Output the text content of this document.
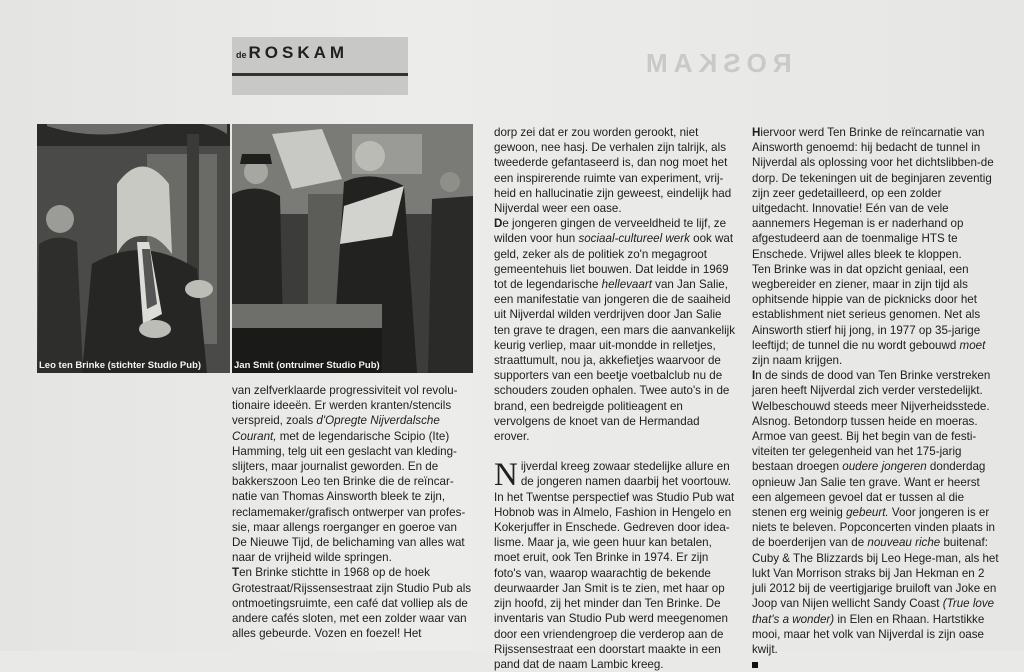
ROSKAM
de ROSKAM
Leo ten Brinke (stichter Studio Pub)	Jan Smit (ontruimer Studio Pub)

van zelfverklaarde progressiviteit vol revolu-tionaire ideeën. Er werden kranten/stencils verspreid, zoals d'Opregte Nijverdalsche Courant, met de legendarische Scipio (Ite) Hamming, telg uit een geslacht van kleding-slijters, maar journalist geworden. En de bakkerszoon Leo ten Brinke die de reïncar-natie van Thomas Ainsworth bleek te zijn, reclamemaker/grafisch ontwerper van profes-sie, maar allengs roerganger en goeroe van De Nieuwe Tijd, de belichaming van alles wat naar de vrijheid wilde springen.

Ten Brinke stichtte in 1968 op de hoek Grotestraat/Rijssensestraat zijn Studio Pub als ontmoetingsruimte, een café dat volliep als de andere cafés sloten, met een zolder waar van alles gebeurde. Vozen en foezel! Het

dorp zei dat er zou worden gerookt, niet gewoon, nee hasj. De verhalen zijn talrijk, als tweederde gefantaseerd is, dan nog moet het een inspirerende ruimte van experiment, vrij-heid en hallucinatie zijn geweest, eindelijk had Nijverdal weer een oase.

De jongeren gingen de verveeldheid te lijf, ze wilden voor hun sociaal-cultureel werk ook wat geld, zeker als de politiek zo'n megagroot gemeentehuis liet bouwen. Dat leidde in 1969 tot de legendarische hellevaart van Jan Salie, een manifestatie van jongeren die de saaiheid uit Nijverdal wilden verdrijven door Jan Salie ten grave te dragen, een mars die aanvankelijk keurig verliep, maar uit-mondde in relletjes, straattumult, nou ja, akkefietjes waarvoor de supporters van een beetje voetbalclub nu de schouders zouden ophalen. Twee auto's in de brand, een bedreigde politieagent en vervolgens de knoet van de Hermandad erover.

Nijverdal kreeg zowaar stedelijke allure en de jongeren namen daarbij het voortouw. In het Twentse perspectief was Studio Pub wat Hobnob was in Almelo, Fashion in Hengelo en Kokerjuffer in Enschede. Gedreven door idea-lisme. Maar ja, wie geen huur kan betalen, moet eruit, ook Ten Brinke in 1974. Er zijn foto's van, waarop waarachtig de bekende deurwaarder Jan Smit is te zien, met haar op zijn hoofd, zij het minder dan Ten Brinke. De inventaris van Studio Pub werd meegenomen door een vriendengroep die verderop aan de Rijssensestraat een doorstart maakte in een pand dat de naam Lambic kreeg.

Hiervoor werd Ten Brinke de reïncarnatie van Ainsworth genoemd: hij bedacht de tunnel in Nijverdal als oplossing voor het dichtslibben-de dorp. De tekeningen uit de beginjaren zeventig zijn zeer gedetailleerd, op een zolder uitgedacht. Innovatie! Eén van de vele aannemers Hegeman is er naderhand op afgestudeerd aan de toenmalige HTS te Enschede. Vrijwel alles bleek te kloppen.

Ten Brinke was in dat opzicht geniaal, een wegbereider en ziener, maar in zijn tijd als ophitsende hippie van de picknicks door het establishment niet serieus genomen. Net als Ainsworth stierf hij jong, in 1977 op 35-jarige leeftijd; de tunnel die nu wordt gebouwd moet zijn naam krijgen.

In de sinds de dood van Ten Brinke verstreken jaren heeft Nijverdal zich verder verstedelijkt. Welbeschouwd steeds meer Nijverheidsstede. Alsnog. Betondorp tussen heide en moeras. Armoe van geest. Bij het begin van de festi-viteiten ter gelegenheid van het 175-jarig bestaan droegen oudere jongeren donderdag opnieuw Jan Salie ten grave. Want er heerst een algemeen gevoel dat er tussen al die stenen erg weinig gebeurt. Voor jongeren is er niets te beleven. Popconcerten vinden plaats in de boerderijen van de nouveau riche buitenaf: Cuby & The Blizzards bij Leo Hege-man, als het lukt Van Morrison straks bij Jan Hekman en 2 juli 2012 bij de veertigjarige bruiloft van Joke en Joop van Nijen wellicht Sandy Coast (True love that's a wonder) in Elen en Rhaan. Hartstikke mooi, maar het volk van Nijverdal is zijn oase kwijt.
